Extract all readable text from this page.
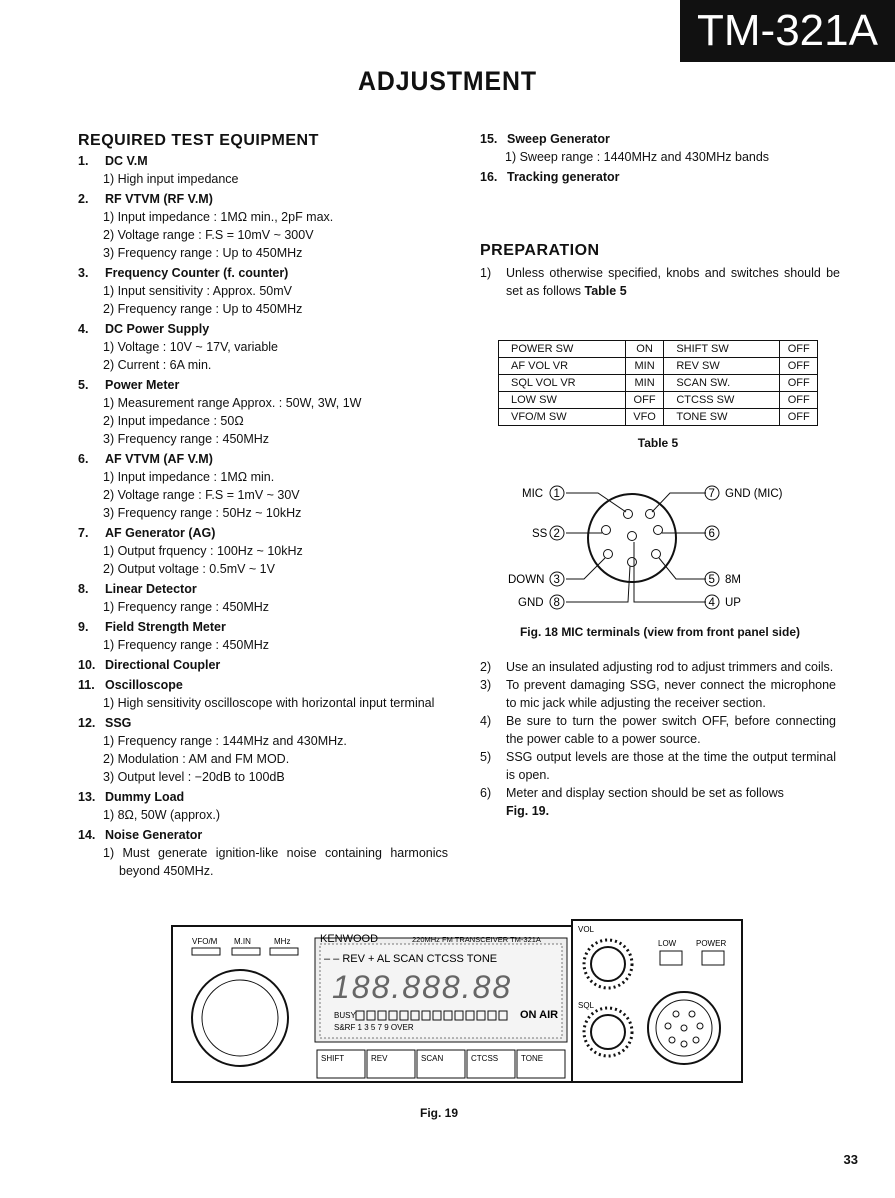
TM-321A
ADJUSTMENT
REQUIRED TEST EQUIPMENT
1. DC V.M
1) High input impedance
2. RF VTVM (RF V.M)
1) Input impedance : 1MΩ min., 2pF max.
2) Voltage range : F.S = 10mV ~ 300V
3) Frequency range : Up to 450MHz
3. Frequency Counter (f. counter)
1) Input sensitivity : Approx. 50mV
2) Frequency range : Up to 450MHz
4. DC Power Supply
1) Voltage : 10V ~ 17V, variable
2) Current : 6A min.
5. Power Meter
1) Measurement range Approx. : 50W, 3W, 1W
2) Input impedance : 50Ω
3) Frequency range : 450MHz
6. AF VTVM (AF V.M)
1) Input impedance : 1MΩ min.
2) Voltage range : F.S = 1mV ~ 30V
3) Frequency range : 50Hz ~ 10kHz
7. AF Generator (AG)
1) Output frquency : 100Hz ~ 10kHz
2) Output voltage : 0.5mV ~ 1V
8. Linear Detector
1) Frequency range : 450MHz
9. Field Strength Meter
1) Frequency range : 450MHz
10. Directional Coupler
11. Oscilloscope
1) High sensitivity oscilloscope with horizontal input terminal
12. SSG
1) Frequency range : 144MHz and 430MHz.
2) Modulation : AM and FM MOD.
3) Output level : −20dB to 100dB
13. Dummy Load
1) 8Ω, 50W (approx.)
14. Noise Generator
1) Must generate ignition-like noise containing harmonics beyond 450MHz.
15. Sweep Generator
1) Sweep range : 1440MHz and 430MHz bands
16. Tracking generator
PREPARATION
1)	Unless otherwise specified, knobs and switches should be set as follows Table 5
POWER SW	ON	SHIFT SW	OFF
AF VOL VR	MIN	REV SW	OFF
SQL VOL VR	MIN	SCAN SW.	OFF
LOW SW	OFF	CTCSS SW	OFF
VFO/M SW	VFO	TONE SW	OFF
Table 5
MIC 1
SS 2
DOWN 3
GND 8
7 GND (MIC)
6
5 8M
4 UP
Fig. 18 MIC terminals (view from front panel side)
2)	Use an insulated adjusting rod to adjust trimmers and coils.
3)	To prevent damaging SSG, never connect the microphone to mic jack while adjusting the receiver section.
4)	Be sure to turn the power switch OFF, before connecting the power cable to a power source.
5)	SSG output levels are those at the time the output terminal is open.
6)	Meter and display section should be set as follows
Fig. 19.
VFO/M M.IN	MHz	KENWOOD	220MHz FM TRANSCEIVER TM-321A
– – REV + AL SCAN CTCSS TONE
188.888.88
BUSY	ON AIR
S&RF 1 3 5 7 9 OVER
SHIFT	REV	SCAN	CTCSS	TONE
VOL
SQL
LOW POWER
Fig. 19
33
